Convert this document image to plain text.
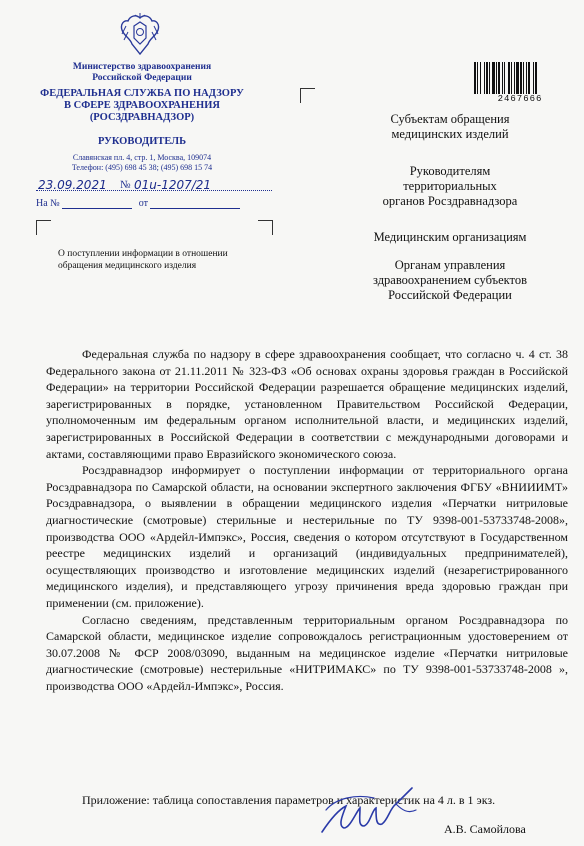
Министерство здравоохранения
Российской Федерации
ФЕДЕРАЛЬНАЯ СЛУЖБА ПО НАДЗОРУ
В СФЕРЕ ЗДРАВООХРАНЕНИЯ
(РОСЗДРАВНАДЗОР)
РУКОВОДИТЕЛЬ
Славянская пл. 4, стр. 1, Москва, 109074
Телефон: (495) 698 45 38; (495) 698 15 74
23.09.2021 № 01u-1207/21
На №	от
О поступлении информации в отношении обращения медицинского изделия
2467666
Субъектам обращения
медицинских изделий
Руководителям
территориальных
органов Росздравнадзора
Медицинским организациям
Органам управления
здравоохранением субъектов
Российской Федерации

Федеральная служба по надзору в сфере здравоохранения сообщает, что согласно ч. 4 ст. 38 Федерального закона от 21.11.2011 № 323-ФЗ «Об основах охраны здоровья граждан в Российской Федерации» на территории Российской Федерации разрешается обращение медицинских изделий, зарегистрированных в порядке, установленном Правительством Российской Федерации, уполномоченным им федеральным органом исполнительной власти, и медицинских изделий, зарегистрированных в Российской Федерации в соответствии с международными договорами и актами, составляющими право Евразийского экономического союза.

Росздравнадзор информирует о поступлении информации от территориального органа Росздравнадзора по Самарской области, на основании экспертного заключения ФГБУ «ВНИИИМТ» Росздравнадзора, о выявлении в обращении медицинского изделия «Перчатки нитриловые диагностические (смотровые) стерильные и нестерильные по ТУ 9398-001-53733748-2008», производства ООО «Ардейл-Импэкс», Россия, сведения о котором отсутствуют в Государственном реестре медицинских изделий и организаций (индивидуальных предпринимателей), осуществляющих производство и изготовление медицинских изделий (незарегистрированного медицинского изделия), и представляющего угрозу причинения вреда здоровью граждан при применении (см. приложение).

Согласно сведениям, представленным территориальным органом Росздравнадзора по Самарской области, медицинское изделие сопровождалось регистрационным удостоверением от 30.07.2008 № ФСР 2008/03090, выданным на медицинское изделие «Перчатки нитриловые диагностические (смотровые) нестерильные «НИТРИМАКС» по ТУ 9398-001-53733748-2008 », производства ООО «Ардейл-Импэкс», Россия.

Приложение: таблица сопоставления параметров и характеристик на 4 л. в 1 экз.
А.В. Самойлова
